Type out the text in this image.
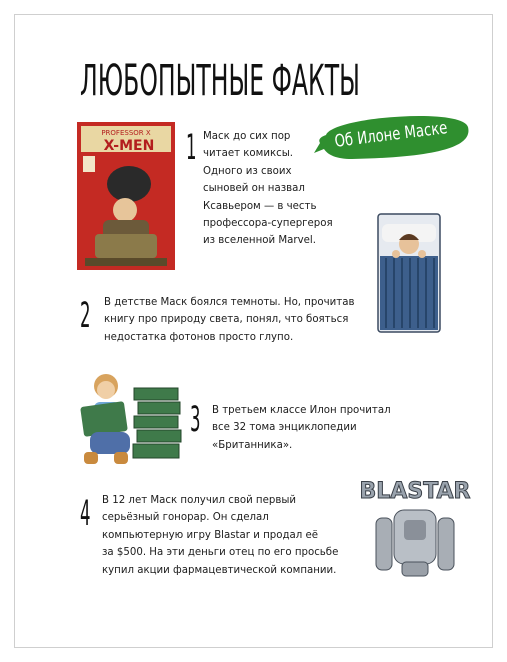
ЛЮБОПЫТНЫЕ ФАКТЫ
Об Илоне Маске
PROFESSOR X
X-MEN 1 Маск до сих пор
читает комиксы.
Одного из своих
сыновей он назвал
Ксавьером — в честь
профессора-супергероя
из вселенной Marvel.
2 В детстве Маск боялся темноты. Но, прочитав
книгу про природу света, понял, что бояться
недостатка фотонов просто глупо.
3 В третьем классе Илон прочитал
все 32 тома энциклопедии
«Британника».
4 В 12 лет Маск получил свой первый
серьёзный гонорар. Он сделал
компьютерную игру Blastar и продал её
за $500. На эти деньги отец по его просьбе
купил акции фармацевтической компании.
BLASTAR
